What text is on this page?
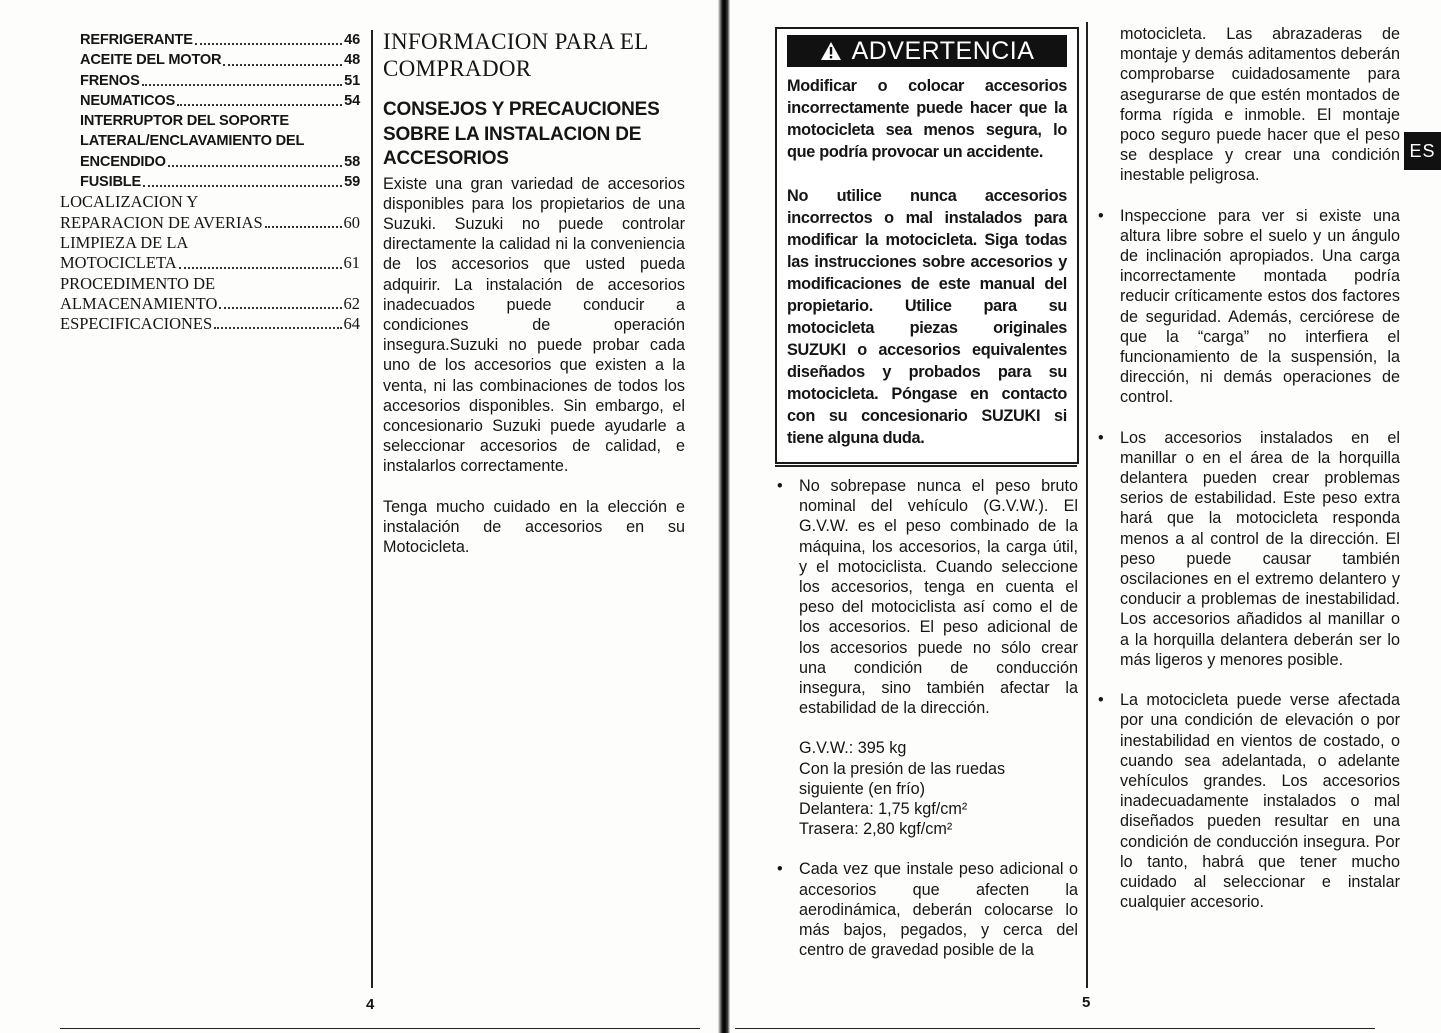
REFRIGERANTE	46
ACEITE DEL MOTOR	48
FRENOS	51
NEUMATICOS	54
INTERRUPTOR DEL SOPORTE
LATERAL/ENCLAVAMIENTO DEL
ENCENDIDO	58
FUSIBLE	59
LOCALIZACION Y
REPARACION DE AVERIAS	60
LIMPIEZA DE LA
MOTOCICLETA	61
PROCEDIMENTO DE
ALMACENAMIENTO	62
ESPECIFICACIONES	64
INFORMACION PARA EL COMPRADOR
CONSEJOS Y PRECAUCIONES SOBRE LA INSTALACION DE ACCESORIOS

Existe una gran variedad de accesorios disponibles para los propietarios de una Suzuki. Suzuki no puede controlar directamente la calidad ni la conveniencia de los accesorios que usted pueda adquirir. La instalación de accesorios inadecuados puede conducir a condiciones de operación insegura.Suzuki no puede probar cada uno de los accesorios que existen a la venta, ni las combinaciones de todos los accesorios disponibles. Sin embargo, el concesionario Suzuki puede ayudarle a seleccionar accesorios de calidad, e instalarlos correctamente.

Tenga mucho cuidado en la elección e instalación de accesorios en su Motocicleta.

4
ADVERTENCIA

Modificar o colocar accesorios incorrectamente puede hacer que la motocicleta sea menos segura, lo que podría provocar un accidente.

No utilice nunca accesorios incorrectos o mal instalados para modificar la motocicleta. Siga todas las instrucciones sobre accesorios y modificaciones de este manual del propietario. Utilice para su motocicleta piezas originales SUZUKI o accesorios equivalentes diseñados y probados para su motocicleta. Póngase en contacto con su concesionario SUZUKI si tiene alguna duda.

• No sobrepase nunca el peso bruto nominal del vehículo (G.V.W.). El G.V.W. es el peso combinado de la máquina, los accesorios, la carga útil, y el motociclista. Cuando seleccione los accesorios, tenga en cuenta el peso del motociclista así como el de los accesorios. El peso adicional de los accesorios puede no sólo crear una condición de conducción insegura, sino también afectar la estabilidad de la dirección.
G.V.W.: 395 kg
Con la presión de las ruedas siguiente (en frío)
Delantera: 1,75 kgf/cm²
Trasera: 2,80 kgf/cm²
• Cada vez que instale peso adicional o accesorios que afecten la aerodinámica, deberán colocarse lo más bajos, pegados, y cerca del centro de gravedad posible de la
5

motocicleta. Las abrazaderas de montaje y demás aditamentos deberán comprobarse cuidadosamente para asegurarse de que estén montados de forma rígida e inmoble. El montaje poco seguro puede hacer que el peso se desplace y crear una condición inestable peligrosa.

• Inspeccione para ver si existe una altura libre sobre el suelo y un ángulo de inclinación apropiados. Una carga incorrectamente montada podría reducir críticamente estos dos factores de seguridad. Además, cerciórese de que la “carga” no interfiera el funcionamiento de la suspensión, la dirección, ni demás operaciones de control.
• Los accesorios instalados en el manillar o en el área de la horquilla delantera pueden crear problemas serios de estabilidad. Este peso extra hará que la motocicleta responda menos a al control de la dirección. El peso puede causar también oscilaciones en el extremo delantero y conducir a problemas de inestabilidad. Los accesorios añadidos al manillar o a la horquilla delantera deberán ser lo más ligeros y menores posible.
• La motocicleta puede verse afectada por una condición de elevación o por inestabilidad en vientos de costado, o cuando sea adelantada, o adelante vehículos grandes. Los accesorios inadecuadamente instalados o mal diseñados pueden resultar en una condición de conducción insegura. Por lo tanto, habrá que tener mucho cuidado al seleccionar e instalar cualquier accesorio.
ES
